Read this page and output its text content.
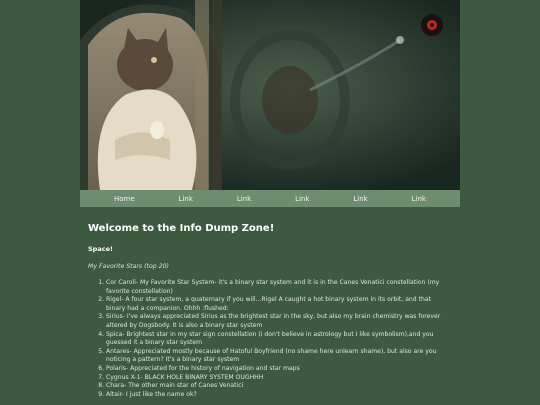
Home	Link	Link	Link	Link	Link
Welcome to the Info Dump Zone!

Space!

My Favorite Stars (top 20)

1. Cor Caroli- My Favorite Star System- it's a binary star system and it is in the Canes Venatici constellation (my favorite constellation)
2. Rigel- A four star system, a quaternary if you will...Rigel A caught a hot binary system in its orbit, and that binary had a companion. Ohhh :flushed:
3. Sirius- I've always appreciated Sirius as the brightest star in the sky, but also my brain chemistry was forever altered by Dogsbody. It is also a binary star system
4. Spica- Brightest star in my star sign constellation (i don't believe in astrology but I like symbolism),and you guessed it a binary star system
5. Antares- Appreciated mostly because of Hatoful Boyfriend (no shame here unlearn shame), but also are you noticing a pattern? It's a binary star system
6. Polaris- Appreciated for the history of navigation and star maps
7. Cygnus X-1- BLACK HOLE BINARY SYSTEM OUGHHH
8. Chara- The other main star of Canes Venatici
9. Altair- I just like the name ok?
